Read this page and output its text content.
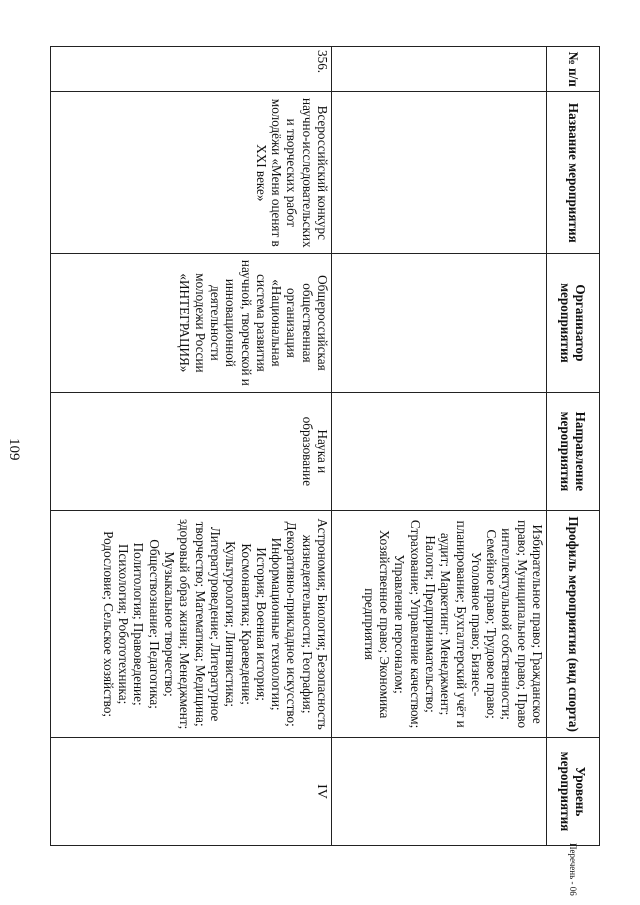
109
№ п/п	Название мероприятия	Организатор мероприятия	Направление мероприятия	Профиль мероприятия (вид спорта)	Уровень мероприятия
				Избирательное право; Гражданское право; Муниципальное право; Право интеллектуальной собственности; Семейное право; Трудовое право; Уголовное право; Бизнес-планирование; Бухгалтерский учёт и аудит; Маркетинг; Менеджмент; Налоги; Предпринимательство; Страхование; Управление качеством; Управление персоналом; Хозяйственное право; Экономика предприятия	
356.	Всероссийский конкурс научно-исследовательских и творческих работ молодёжи «Меня оценят в XXI веке»	Общероссийская общественная организация «Национальная система развития научной, творческой и инновационной деятельности молодежи России «ИНТЕГРАЦИЯ»	Наука и образование	Астрономия; Биология; Безопасность жизнедеятельности; География; Декоративно-прикладное искусство; Информационные технологии; История; Военная история; Космонавтика; Краеведение; Культурология; Лингвистика; Литературоведение; Литературное творчество; Математика; Медицина; здоровый образ жизни; Менеджмент; Музыкальное творчество; Обществознание; Педагогика; Политология; Правоведение; Психология; Робототехника; Родословие; Сельское хозяйство;	IV
Перечень - 06
